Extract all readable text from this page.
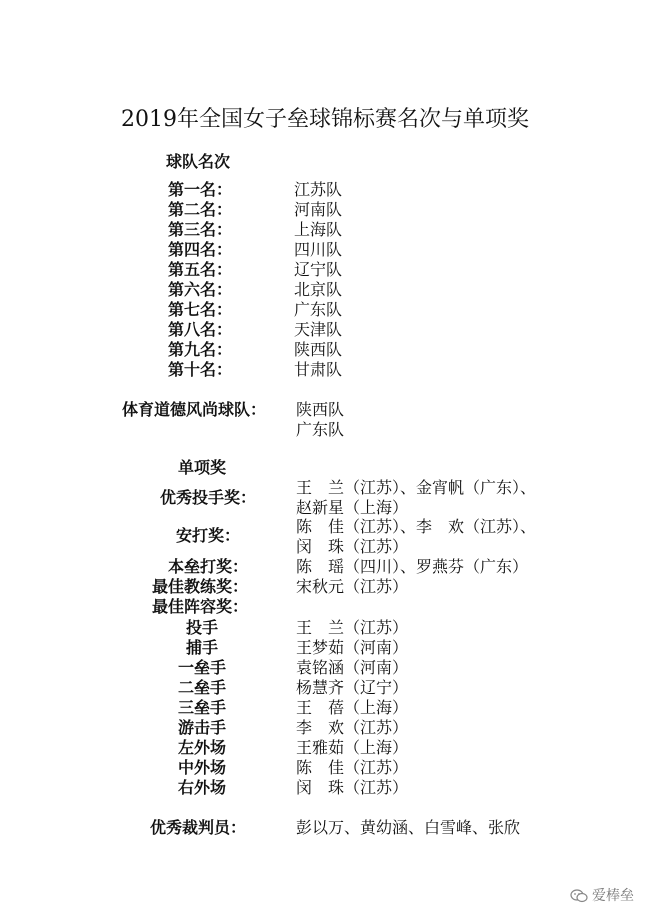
2019年全国女子垒球锦标赛名次与单项奖
球队名次
第一名：	江苏队
第二名：	河南队
第三名：	上海队
第四名：	四川队
第五名：	辽宁队
第六名：	北京队
第七名：	广东队
第八名：	天津队
第九名：	陕西队
第十名：	甘肃队
体育道德风尚球队： 陕西队
广东队
单项奖
优秀投手奖：
王　兰（江苏）、金宵帆（广东）、
赵新星（上海）
安打奖：	陈　佳（江苏）、李　欢（江苏）、
闵　珠（江苏）
本垒打奖：	陈　瑶（四川）、罗燕芬（广东）
最佳教练奖：	宋秋元（江苏）
最佳阵容奖：
投手	王　兰（江苏）
捕手	王梦茹（河南）
一垒手	袁铭涵（河南）
二垒手	杨慧齐（辽宁）
三垒手	王　蓓（上海）
游击手	李　欢（江苏）
左外场	王雅茹（上海）
中外场	陈　佳（江苏）
右外场	闵　珠（江苏）
优秀裁判员：	彭以万、黄幼涵、白雪峰、张欣
爱棒垒
